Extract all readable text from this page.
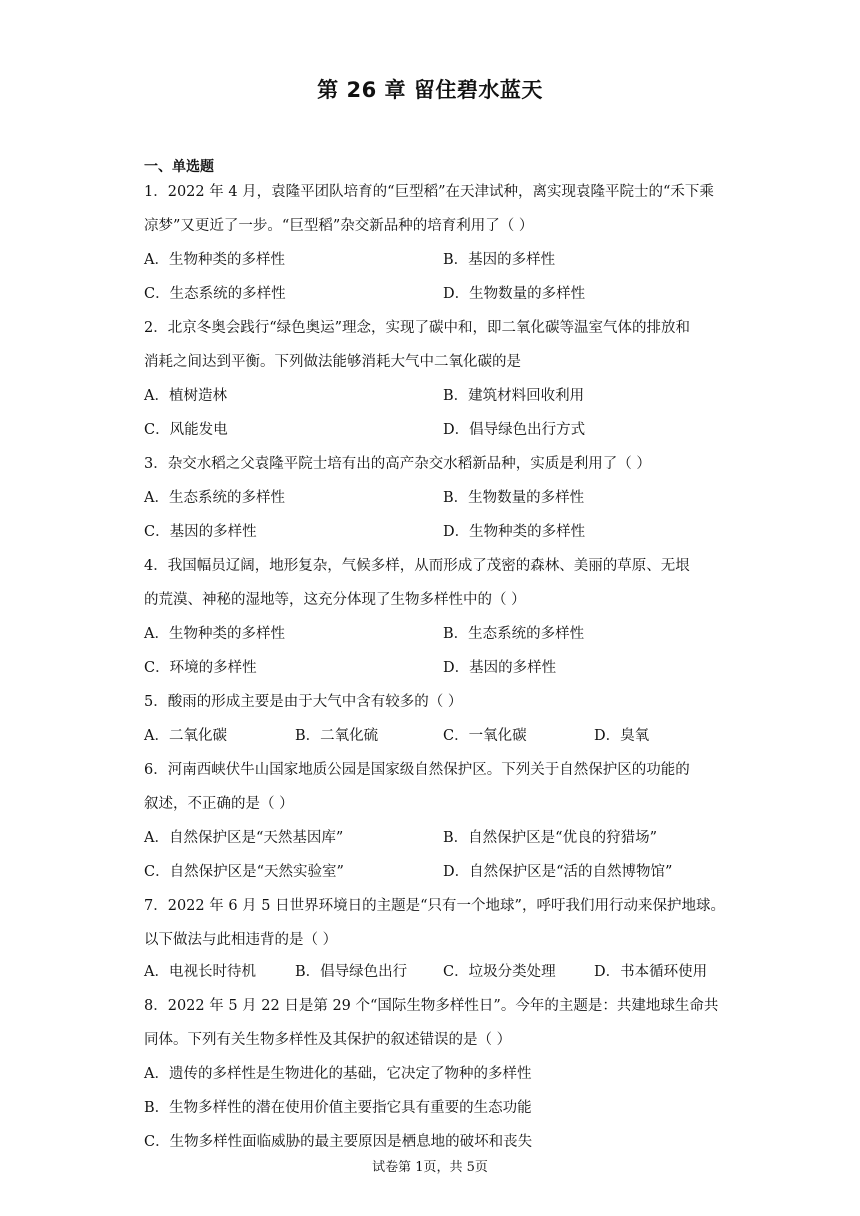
第 26 章 留住碧水蓝天
一、单选题
1．2022 年 4 月，袁隆平团队培育的“巨型稻”在天津试种，离实现袁隆平院士的“禾下乘
凉梦”又更近了一步。“巨型稻”杂交新品种的培育利用了（ ）
A．生物种类的多样性	B．基因的多样性
C．生态系统的多样性	D．生物数量的多样性
2．北京冬奥会践行“绿色奥运”理念，实现了碳中和，即二氧化碳等温室气体的排放和
消耗之间达到平衡。下列做法能够消耗大气中二氧化碳的是
A．植树造林	B．建筑材料回收利用
C．风能发电	D．倡导绿色出行方式
3．杂交水稻之父袁隆平院士培有出的高产杂交水稻新品种，实质是利用了（ ）
A．生态系统的多样性	B．生物数量的多样性
C．基因的多样性	D．生物种类的多样性
4．我国幅员辽阔，地形复杂，气候多样，从而形成了茂密的森林、美丽的草原、无垠
的荒漠、神秘的湿地等，这充分体现了生物多样性中的（ ）
A．生物种类的多样性	B．生态系统的多样性
C．环境的多样性	D．基因的多样性
5．酸雨的形成主要是由于大气中含有较多的（ ）
A．二氧化碳	B．二氧化硫	C．一氧化碳	D．臭氧
6．河南西峡伏牛山国家地质公园是国家级自然保护区。下列关于自然保护区的功能的
叙述，不正确的是（ ）
A．自然保护区是“天然基因库”	B．自然保护区是“优良的狩猎场”
C．自然保护区是“天然实验室”	D．自然保护区是“活的自然博物馆”
7．2022 年 6 月 5 日世界环境日的主题是“只有一个地球”，呼吁我们用行动来保护地球。
以下做法与此相违背的是（ ）
A．电视长时待机	B．倡导绿色出行 C．垃圾分类处理	D．书本循环使用
8．2022 年 5 月 22 日是第 29 个“国际生物多样性日”。今年的主题是：共建地球生命共
同体。下列有关生物多样性及其保护的叙述错误的是（ ）
A．遗传的多样性是生物进化的基础，它决定了物种的多样性
B．生物多样性的潜在使用价值主要指它具有重要的生态功能
C．生物多样性面临威胁的最主要原因是栖息地的破坏和丧失
试卷第 1页，共 5页
